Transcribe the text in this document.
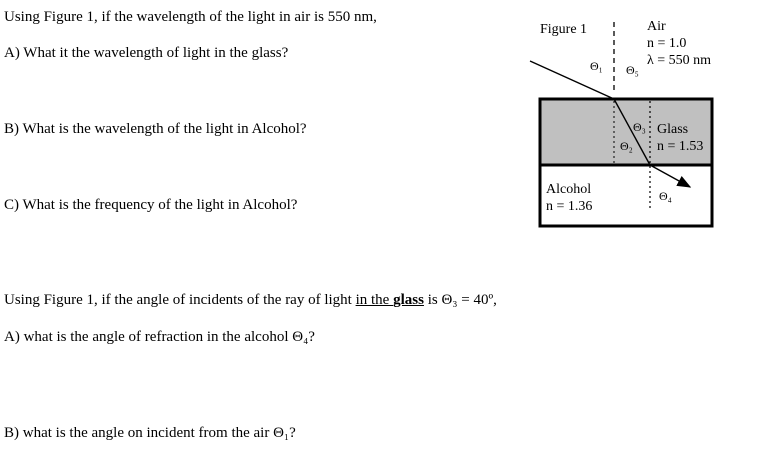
Using Figure 1, if the wavelength of the light in air is 550 nm,
A) What it the wavelength of light in the glass?
B) What is the wavelength of the light in Alcohol?
C) What is the frequency of the light in Alcohol?
Using Figure 1, if the angle of incidents of the ray of light in the glass is Θ₃ = 40º,
A) what is the angle of refraction in the alcohol Θ₄?
B) what is the angle on incident from the air Θ₁?
Figure 1	Air
n = 1.0
λ = 550 nm
Θ₁ Θ₅
Θ₃ Glass
Θ₂ n = 1.53
Alcohol
n = 1.36
Θ₄
